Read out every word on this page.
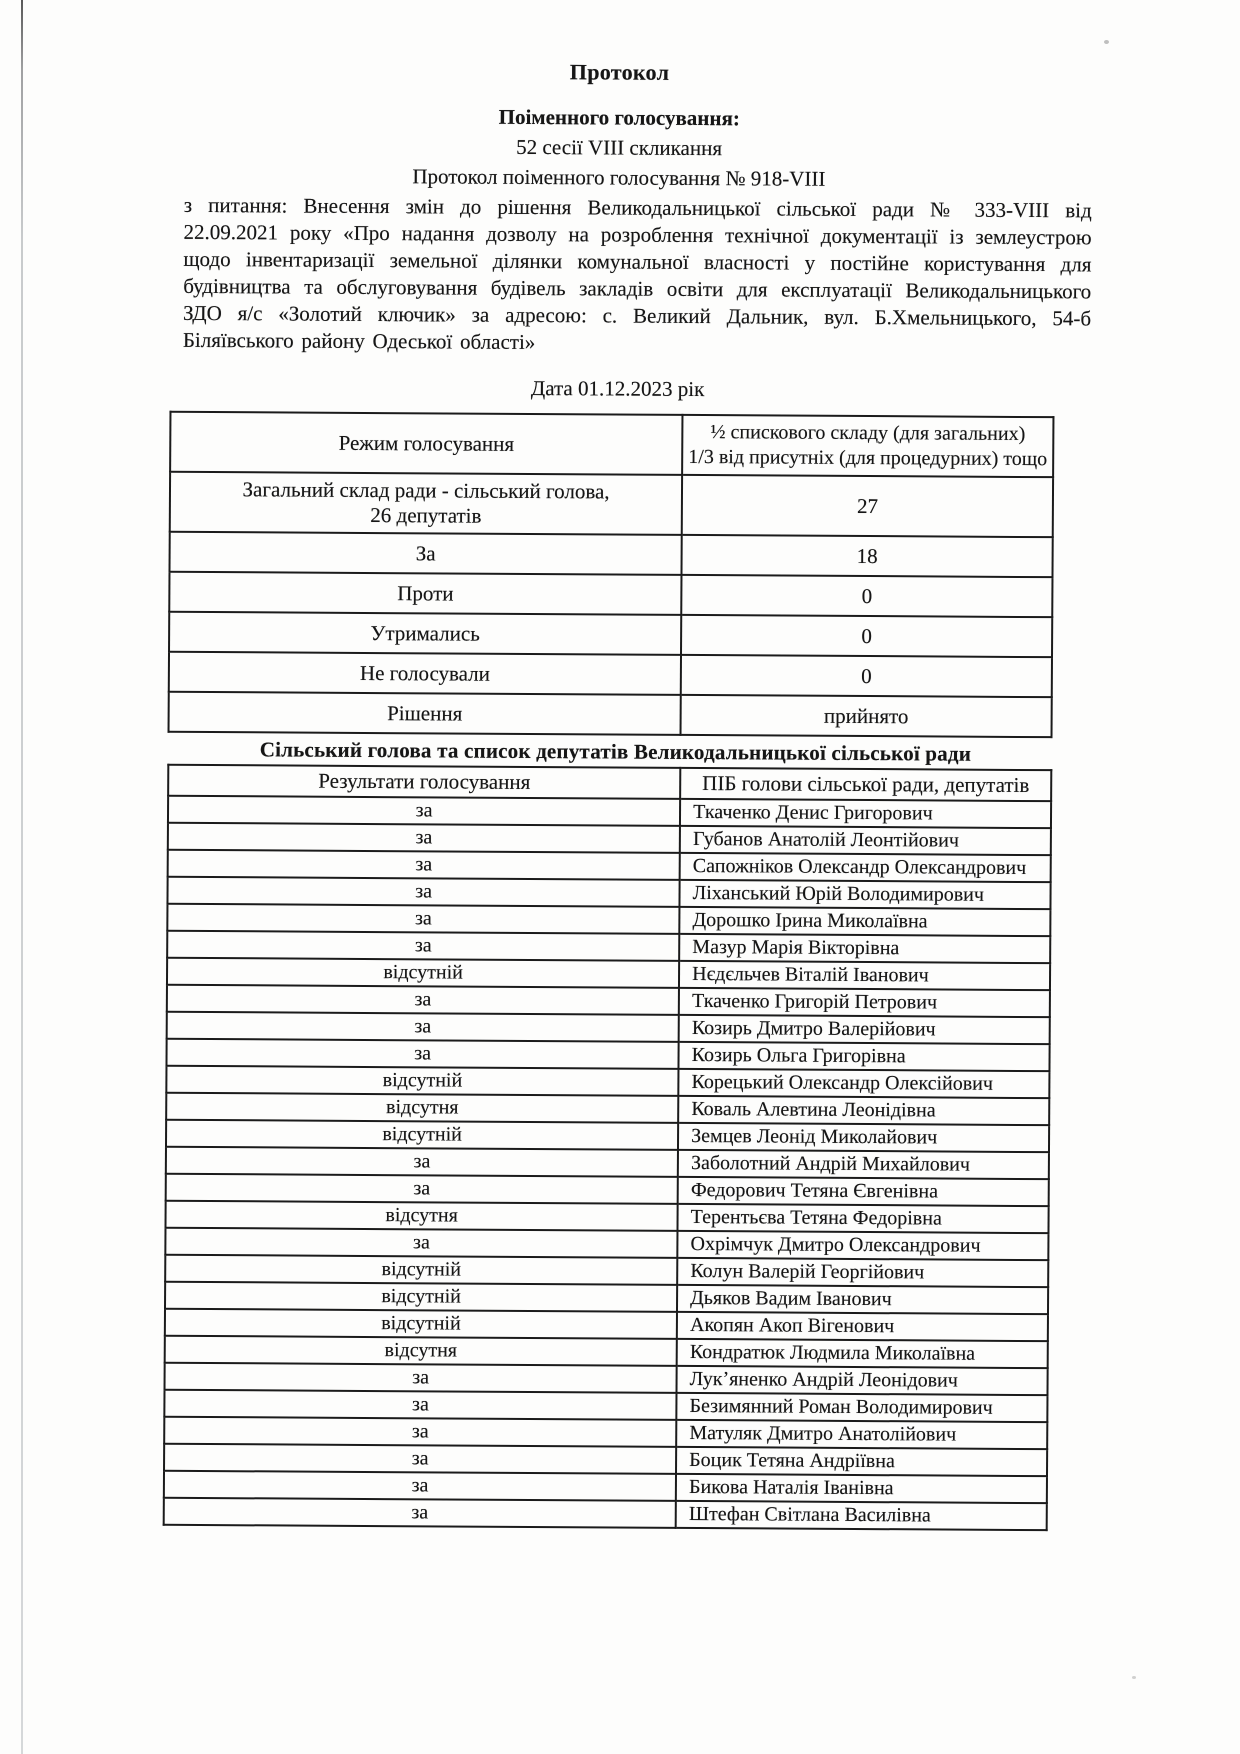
Протокол
Поіменного голосування:
52 сесії VIII скликання
Протокол поіменного голосування № 918-VIII

з питання: Внесення змін до рішення Великодальницької сільської ради № 333-VIII від 22.09.2021 року «Про надання дозволу на розроблення технічної документації із землеустрою щодо інвентаризації земельної ділянки комунальної власності у постійне користування для будівництва та обслуговування будівель закладів освіти для експлуатації Великодальницького ЗДО я/с «Золотий ключик» за адресою: с. Великий Дальник, вул. Б.Хмельницького, 54-б Біляївського району Одеської області»

Дата 01.12.2023 рік
Режим голосування	½ спискового складу (для загальних)
1/3 від присутніх (для процедурних) тощо

Загальний склад ради - сільський голова,
26 депутатів	27
За	18
Проти	0
Утримались	0
Не голосували	0
Рішення	прийнято
Сільський голова та список депутатів Великодальницької сільської ради
Результати голосування	ПІБ голови сільської ради, депутатів
за	Ткаченко Денис Григорович
за	Губанов Анатолій Леонтійович
за	Сапожніков Олександр Олександрович
за	Ліханський Юрій Володимирович
за	Дорошко Ірина Миколаївна
за	Мазур Марія Вікторівна
відсутній	Нєдєльчев Віталій Іванович
за	Ткаченко Григорій Петрович
за	Козирь Дмитро Валерійович
за	Козирь Ольга Григорівна
відсутній	Корецький Олександр Олексійович
відсутня	Коваль Алевтина Леонідівна
відсутній	Земцев Леонід Миколайович
за	Заболотний Андрій Михайлович
за	Федорович Тетяна Євгенівна
відсутня	Терентьєва Тетяна Федорівна
за	Охрімчук Дмитро Олександрович
відсутній	Колун Валерій Георгійович
відсутній	Дьяков Вадим Іванович
відсутній	Акопян Акоп Вігенович
відсутня	Кондратюк Людмила Миколаївна
за	Лук’яненко Андрій Леонідович
за	Безимянний Роман Володимирович
за	Матуляк Дмитро Анатолійович
за	Боцик Тетяна Андріївна
за	Бикова Наталія Іванівна
за	Штефан Світлана Василівна
